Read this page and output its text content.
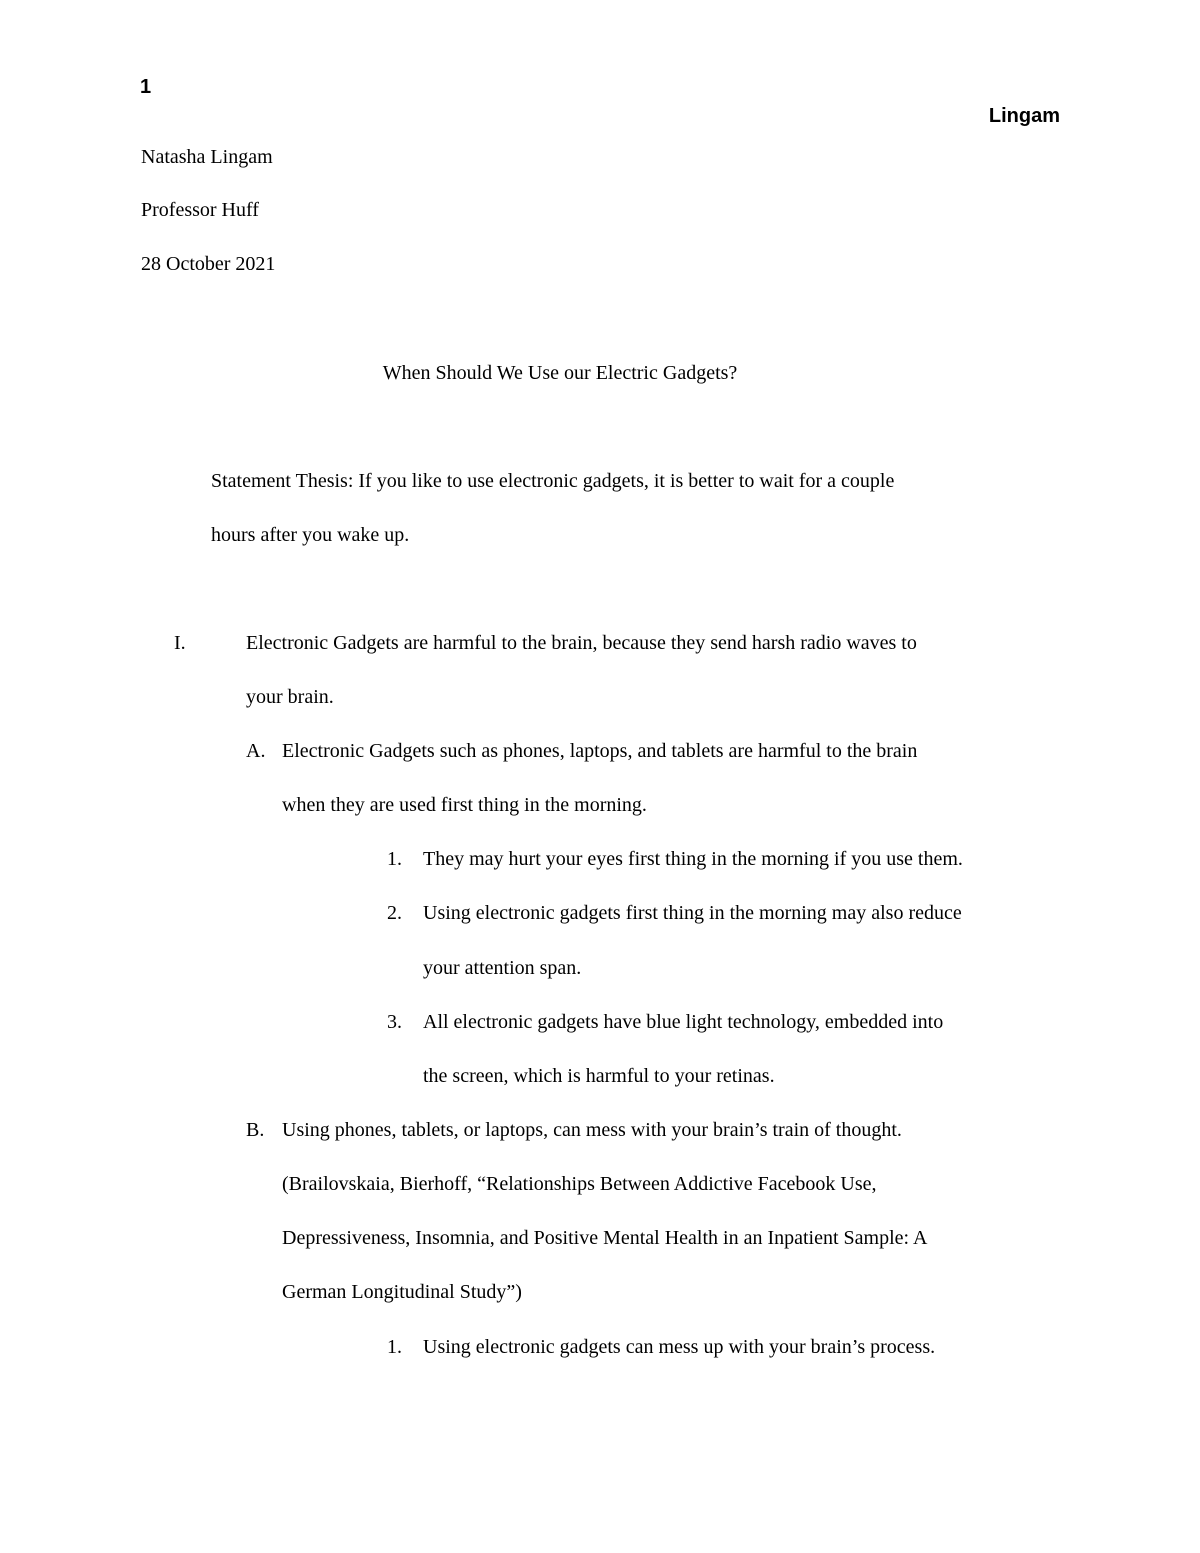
1
Lingam
Natasha Lingam
Professor Huff
28 October 2021
When Should We Use our Electric Gadgets?
Statement Thesis: If you like to use electronic gadgets, it is better to wait for a couple
hours after you wake up.
I.	Electronic Gadgets are harmful to the brain, because they send harsh radio waves to
your brain.
A. Electronic Gadgets such as phones, laptops, and tablets are harmful to the brain
when they are used first thing in the morning.
1. They may hurt your eyes first thing in the morning if you use them.
2. Using electronic gadgets first thing in the morning may also reduce
your attention span.
3. All electronic gadgets have blue light technology, embedded into
the screen, which is harmful to your retinas.
B. Using phones, tablets, or laptops, can mess with your brain’s train of thought.
(Brailovskaia, Bierhoff, “Relationships Between Addictive Facebook Use,
Depressiveness, Insomnia, and Positive Mental Health in an Inpatient Sample: A
German Longitudinal Study”)
1. Using electronic gadgets can mess up with your brain’s process.
